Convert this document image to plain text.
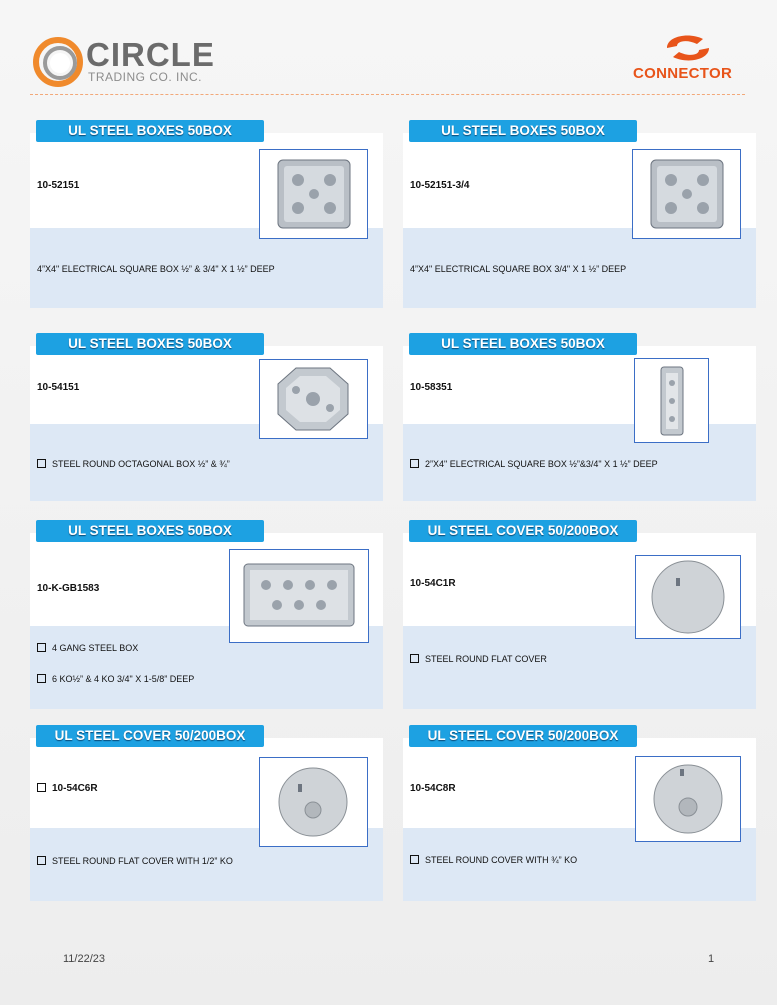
CIRCLE
TRADING CO. INC.	CONNECTOR
UL STEEL BOXES 50BOX
10-52151
4”X4" ELECTRICAL SQUARE BOX ½” & 3/4" X 1 ½” DEEP
UL STEEL BOXES 50BOX
10-52151-3/4
4”X4" ELECTRICAL SQUARE BOX 3/4" X 1 ½” DEEP
UL STEEL BOXES 50BOX
10-54151
STEEL ROUND OCTAGONAL BOX ½” & ¾”
UL STEEL BOXES 50BOX
10-58351
2”X4" ELECTRICAL SQUARE BOX ½”&3/4" X 1 ½” DEEP
UL STEEL BOXES 50BOX
10-K-GB1583
4 GANG STEEL BOX
6 KO½” & 4 KO 3/4" X 1-5/8” DEEP
UL STEEL COVER 50/200BOX
10-54C1R
STEEL ROUND FLAT COVER
UL STEEL COVER 50/200BOX
10-54C6R
STEEL ROUND FLAT COVER WITH 1/2” KO
UL STEEL COVER 50/200BOX
10-54C8R
STEEL ROUND COVER WITH ¾” KO
11/22/23	1
